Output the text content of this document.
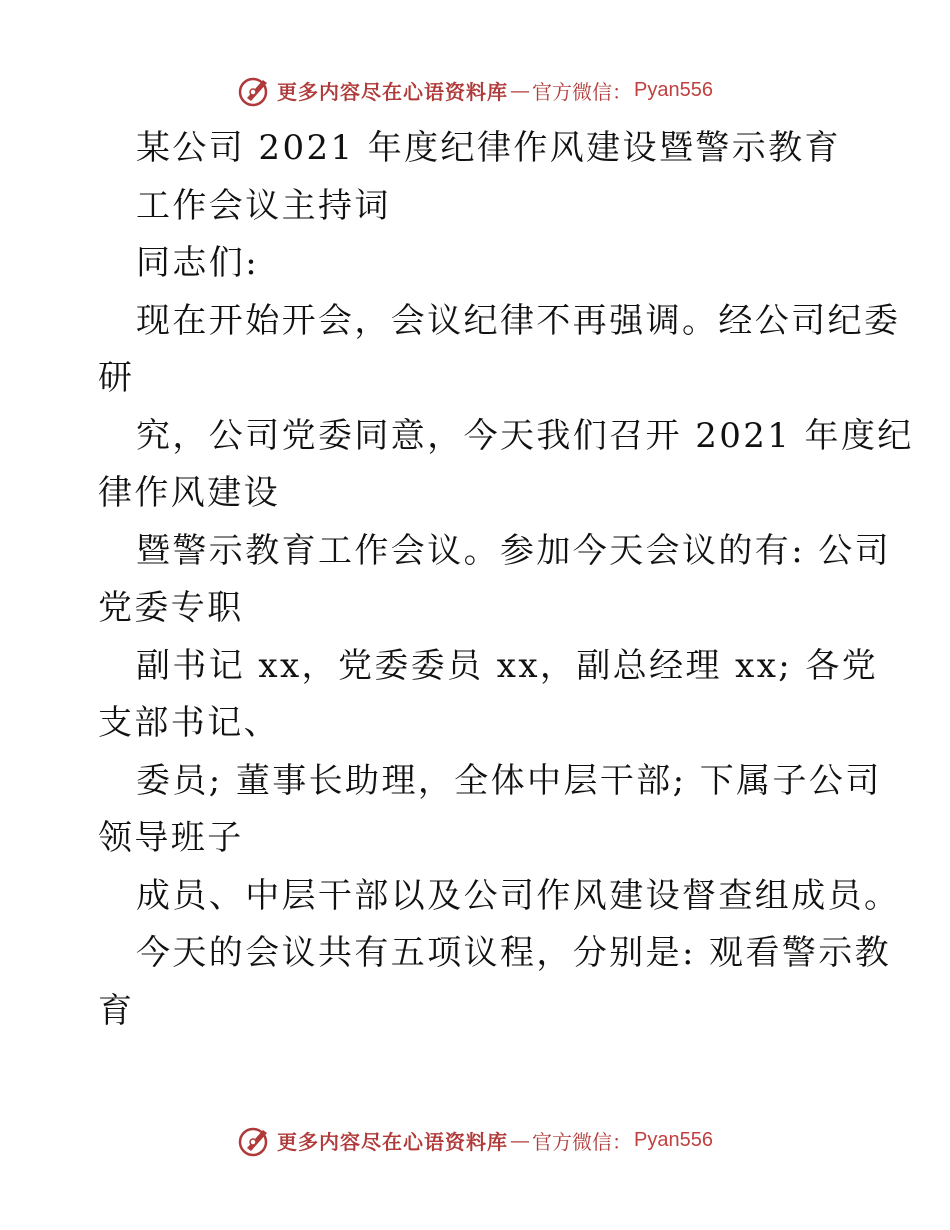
更多内容尽在心语资料库 — 官方微信： Pyan556
某公司 2021 年度纪律作风建设暨警示教育
工作会议主持词
同志们:
现在开始开会，会议纪律不再强调。经公司纪委
研
究，公司党委同意，今天我们召开 2021 年度纪
律作风建设
暨警示教育工作会议。参加今天会议的有: 公司
党委专职
副书记 xx，党委委员 xx，副总经理 xx; 各党
支部书记、
委员; 董事长助理，全体中层干部; 下属子公司
领导班子
成员、中层干部以及公司作风建设督查组成员。
今天的会议共有五项议程，分别是: 观看警示教
育
更多内容尽在心语资料库 — 官方微信： Pyan556
